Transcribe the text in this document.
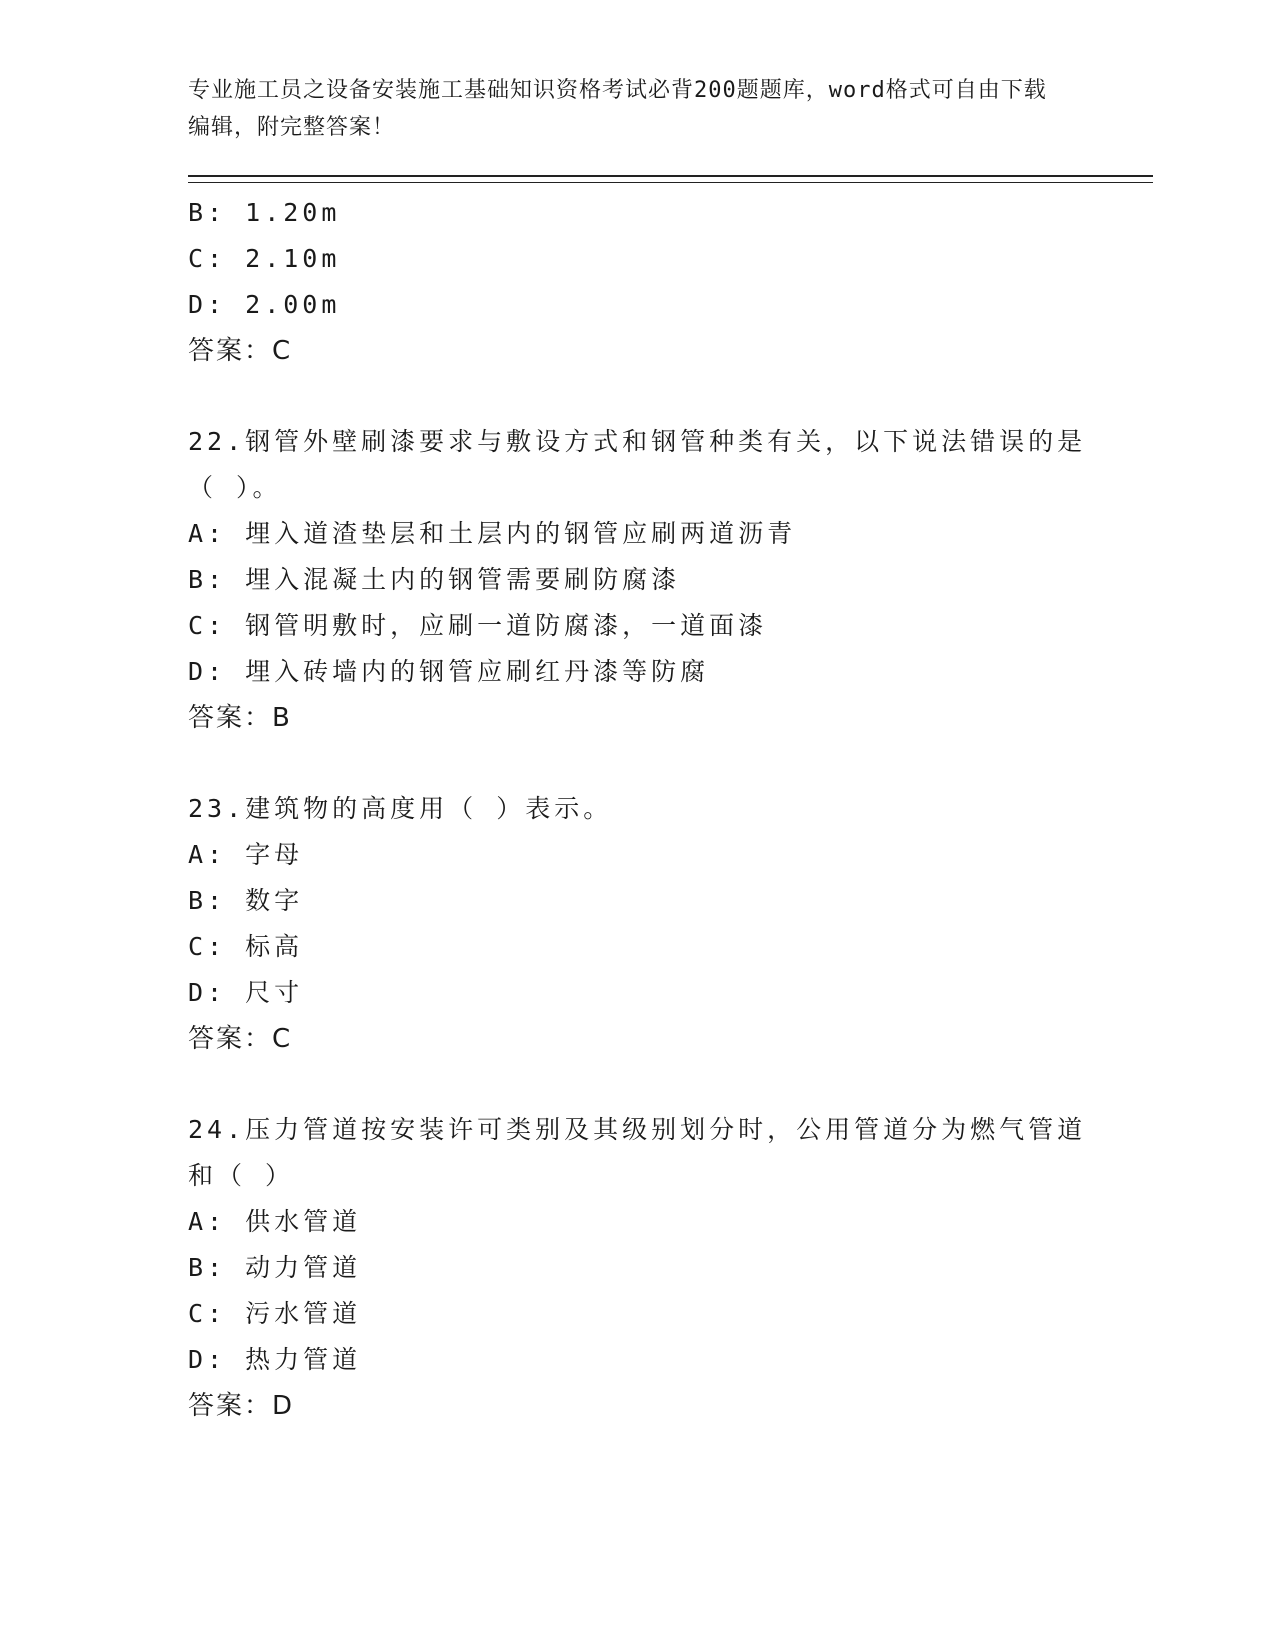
专业施工员之设备安装施工基础知识资格考试必背200题题库，word格式可自由下载编辑，附完整答案！
B: 1.20m
C: 2.10m
D: 2.00m
答案：C
22.钢管外壁刷漆要求与敷设方式和钢管种类有关，以下说法错误的是（ ）。
A: 埋入道渣垫层和土层内的钢管应刷两道沥青
B: 埋入混凝土内的钢管需要刷防腐漆
C: 钢管明敷时，应刷一道防腐漆，一道面漆
D: 埋入砖墙内的钢管应刷红丹漆等防腐
答案：B
23.建筑物的高度用（ ）表示。
A: 字母
B: 数字
C: 标高
D: 尺寸
答案：C
24.压力管道按安装许可类别及其级别划分时，公用管道分为燃气管道和（ ）
A: 供水管道
B: 动力管道
C: 污水管道
D: 热力管道
答案：D
